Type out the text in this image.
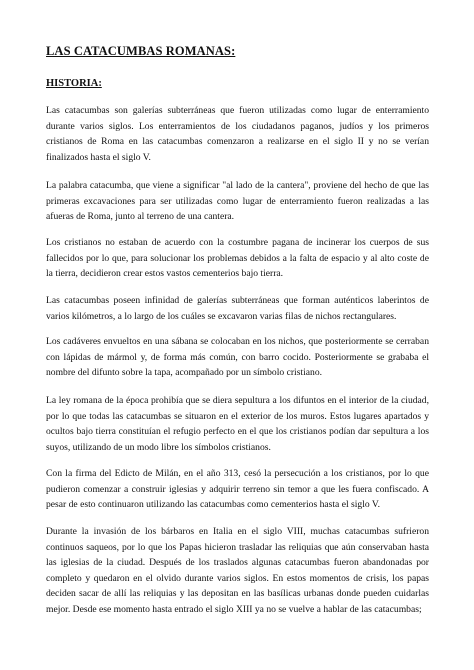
LAS CATACUMBAS ROMANAS:
HISTORIA:

Las catacumbas son galerías subterráneas que fueron utilizadas como lugar de enterramiento durante varios siglos. Los enterramientos de los ciudadanos paganos, judíos y los primeros cristianos de Roma en las catacumbas comenzaron a realizarse en el siglo II y no se verían finalizados hasta el siglo V.

La palabra catacumba, que viene a significar "al lado de la cantera", proviene del hecho de que las primeras excavaciones para ser utilizadas como lugar de enterramiento fueron realizadas a las afueras de Roma, junto al terreno de una cantera.

Los cristianos no estaban de acuerdo con la costumbre pagana de incinerar los cuerpos de sus fallecidos por lo que, para solucionar los problemas debidos a la falta de espacio y al alto coste de la tierra, decidieron crear estos vastos cementerios bajo tierra.

Las catacumbas poseen infinidad de galerías subterráneas que forman auténticos laberintos de varios kilómetros, a lo largo de los cuáles se excavaron varias filas de nichos rectangulares.

Los cadáveres envueltos en una sábana se colocaban en los nichos, que posteriormente se cerraban con lápidas de mármol y, de forma más común, con barro cocido. Posteriormente se grababa el nombre del difunto sobre la tapa, acompañado por un símbolo cristiano.

La ley romana de la época prohibía que se diera sepultura a los difuntos en el interior de la ciudad, por lo que todas las catacumbas se situaron en el exterior de los muros. Estos lugares apartados y ocultos bajo tierra constituían el refugio perfecto en el que los cristianos podían dar sepultura a los suyos, utilizando de un modo libre los símbolos cristianos.

Con la firma del Edicto de Milán, en el año 313, cesó la persecución a los cristianos, por lo que pudieron comenzar a construir iglesias y adquirir terreno sin temor a que les fuera confiscado. A pesar de esto continuaron utilizando las catacumbas como cementerios hasta el siglo V.

Durante la invasión de los bárbaros en Italia en el siglo VIII, muchas catacumbas sufrieron continuos saqueos, por lo que los Papas hicieron trasladar las reliquias que aún conservaban hasta las iglesias de la ciudad. Después de los traslados algunas catacumbas fueron abandonadas por completo y quedaron en el olvido durante varios siglos. En estos momentos de crisis, los papas deciden sacar de allí las reliquias y las depositan en las basílicas urbanas donde pueden cuidarlas mejor. Desde ese momento hasta entrado el siglo XIII ya no se vuelve a hablar de las catacumbas;
